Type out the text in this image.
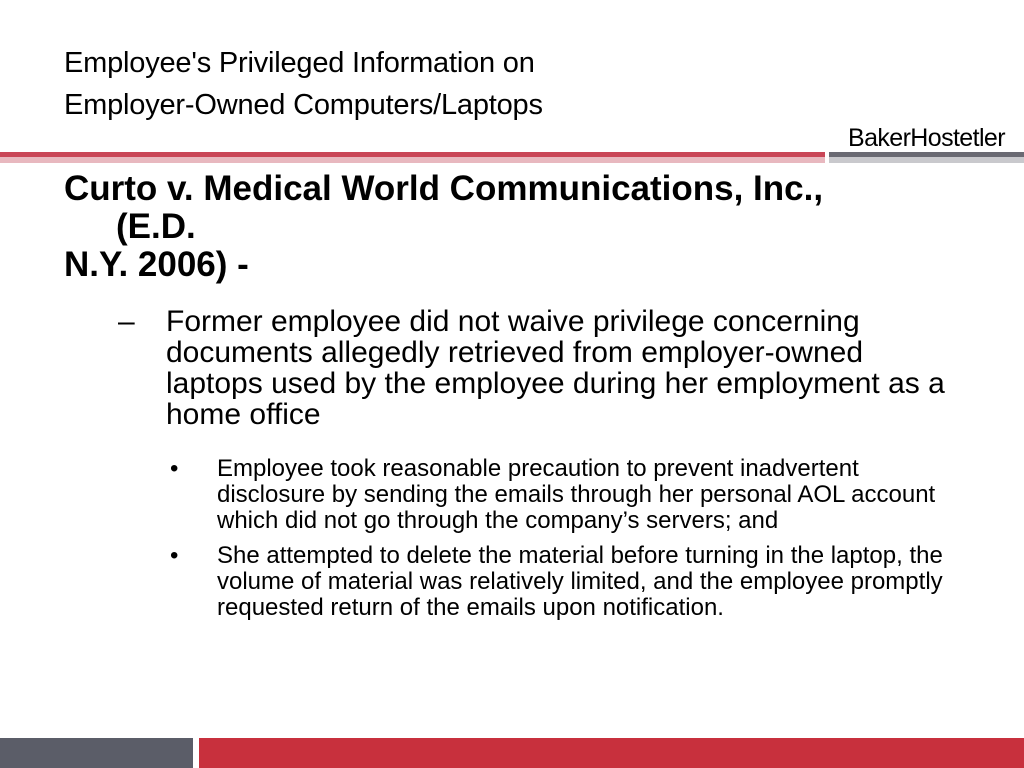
Employee's Privileged Information on
Employer-Owned Computers/Laptops
BakerHostetler
Curto v. Medical World Communications, Inc.,
(E.D.
N.Y. 2006) -
– Former employee did not waive privilege concerning documents allegedly retrieved from employer-owned laptops used by the employee during her employment as a home office
• Employee took reasonable precaution to prevent inadvertent disclosure by sending the emails through her personal AOL account which did not go through the company’s servers; and
• She attempted to delete the material before turning in the laptop, the volume of material was relatively limited, and the employee promptly requested return of the emails upon notification.
